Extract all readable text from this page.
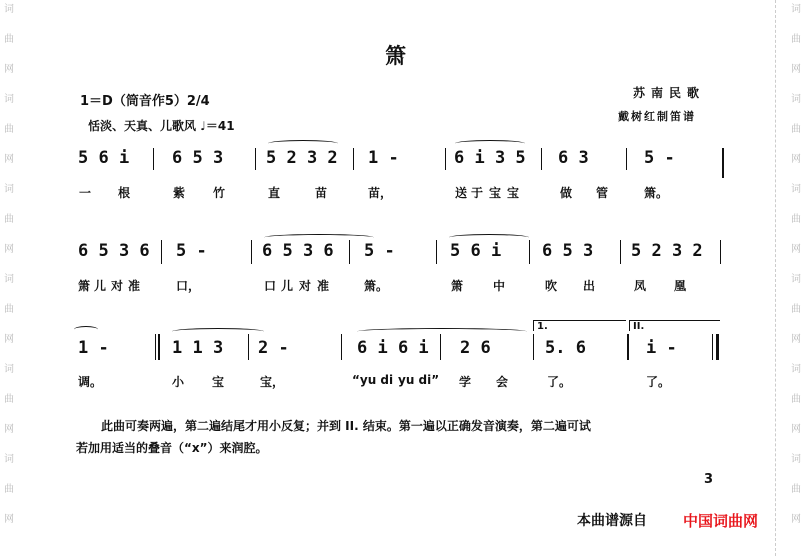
词
曲
网
词
曲
网
词
曲
网
词
曲
网
词
曲
网
词
曲
网
词
曲
网
词
曲
网
词
曲
网
词
曲
网
词
曲
网
词
曲
网
箫
1＝D（筒音作5）2/4
恬淡、天真、儿歌风 ♩＝41
苏南民歌
戴树红制笛谱
5 6 i	6 5 3	5 2 3 2 1 -	6 i 3 5 6 3	5 -
一 根	紫 竹	直	苗	苗，	送 于 宝 宝	做 管	箫。
6 5 3 6 5 -	6 5 3 6 5 -	5 6 i 6 5 3 5 2 3 2
箫 儿 对 准	口，	口 儿 对 准	箫。	箫 中	吹 出	凤 凰
1.	II.
1 -	1 1 3 2 -	6 i 6 i 2 6	5. 6	i -
调。	小 宝	宝，	“yu di yu di” 学 会	了。	了。
此曲可奏两遍，第二遍结尾才用小反复；并到 II. 结束。第一遍以正确发音演奏，第二遍可试
若加用适当的叠音（“x”）来润腔。
3
本曲谱源自 中国词曲网
